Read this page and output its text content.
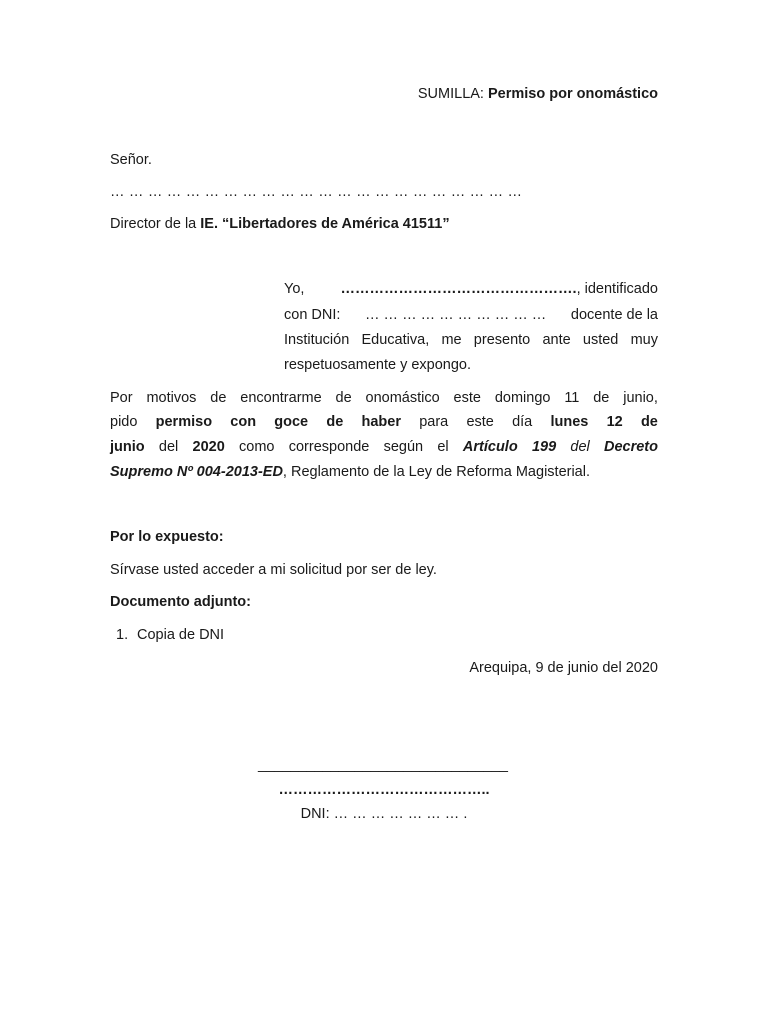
SUMILLA: Permiso por onomástico
Señor.
… … … … … … … … … … … … … … … … … … … … … …
Director de la IE. “Libertadores de América 41511”
Yo, …………………………………………., identificado
con DNI: … … … … … … … … … … docente de la
Institución Educativa, me presento ante usted muy
respetuosamente y expongo.
Por motivos de encontrarme de onomástico este domingo 11 de junio,
pido permiso con goce de haber para este día lunes 12 de
junio del 2020 como corresponde según el Artículo 199 del Decreto
Supremo Nº 004-2013-ED, Reglamento de la Ley de Reforma Magisterial.
Por lo expuesto:
Sírvase usted acceder a mi solicitud por ser de ley.
Documento adjunto:
1. Copia de DNI
Arequipa, 9 de junio del 2020
_______________________________
……………………………………..
DNI: … … … … … … … .
